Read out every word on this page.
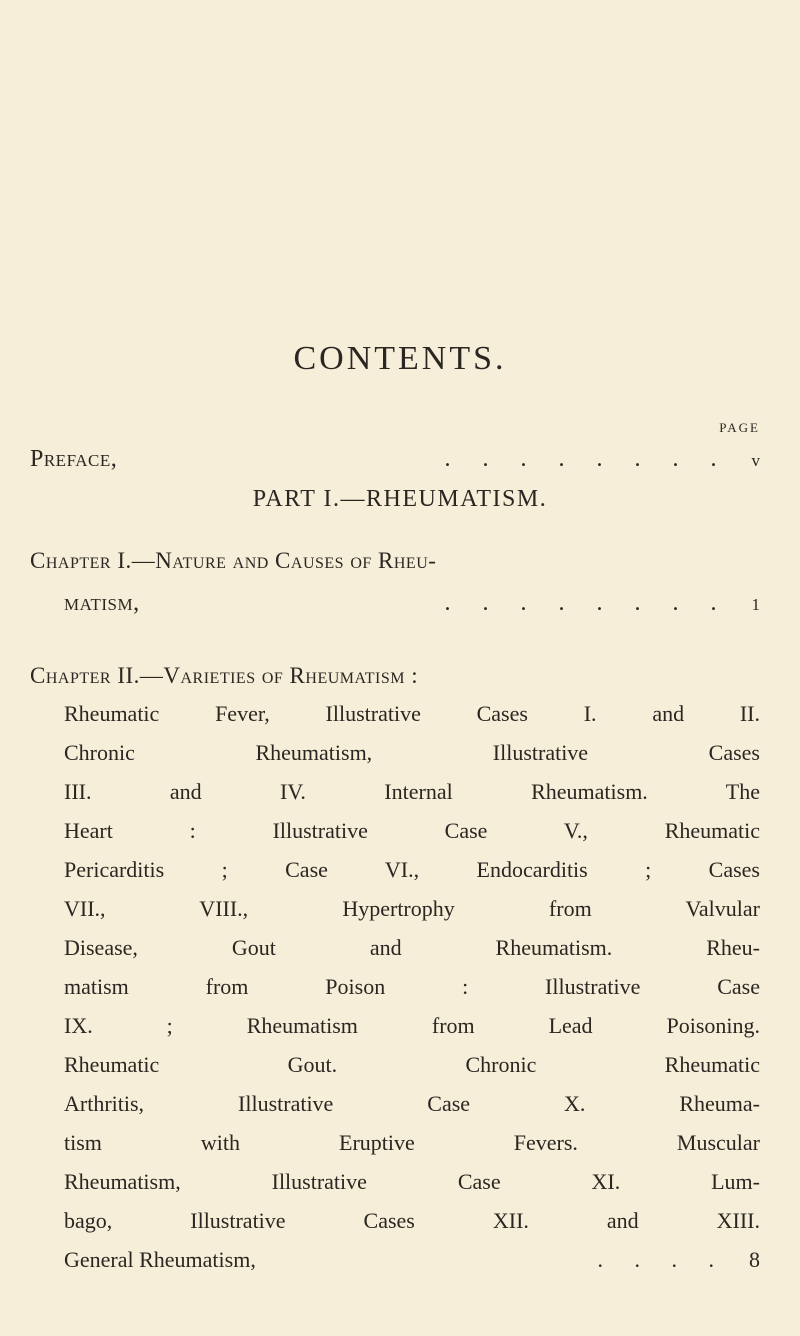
CONTENTS.
PAGE
Preface,	. . . . . . . .	v
PART I.—RHEUMATISM.
Chapter I.—Nature and Causes of Rheu-
matism,	. . . . . . . .	1
Chapter II.—Varieties of Rheumatism :
Rheumatic Fever, Illustrative Cases I. and II.
Chronic Rheumatism, Illustrative Cases
III. and IV. Internal Rheumatism. The
Heart : Illustrative Case V., Rheumatic
Pericarditis ; Case VI., Endocarditis ; Cases
VII., VIII., Hypertrophy from Valvular
Disease, Gout and Rheumatism. Rheu-
matism from Poison : Illustrative Case
IX. ; Rheumatism from Lead Poisoning.
Rheumatic Gout. Chronic Rheumatic
Arthritis, Illustrative Case X. Rheuma-
tism with Eruptive Fevers. Muscular
Rheumatism, Illustrative Case XI. Lum-
bago, Illustrative Cases XII. and XIII.
General Rheumatism,	. . . .	8
